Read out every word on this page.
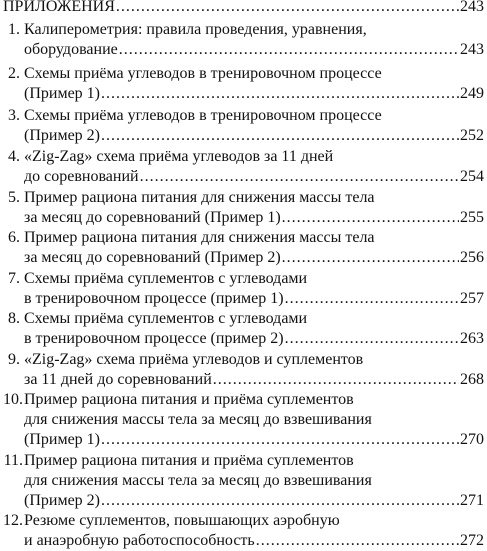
ПРИЛОЖЕНИЯ .....	243
1. Калиперометрия: правила проведения, уравнения,
оборудование .....	243
2. Схемы приёма углеводов в тренировочном процессе
(Пример 1) .....	249
3. Схемы приёма углеводов в тренировочном процессе
(Пример 2) .....	252
4. «Zig-Zag» схема приёма углеводов за 11 дней
до соревнований .....	254
5. Пример рациона питания для снижения массы тела
за месяц до соревнований (Пример 1) .....	255
6. Пример рациона питания для снижения массы тела
за месяц до соревнований (Пример 2) .....	256
7. Схемы приёма суплементов с углеводами
в тренировочном процессе (пример 1) .....	257
8. Схемы приёма суплементов с углеводами
в тренировочном процессе (пример 2) .....	263
9. «Zig-Zag» схема приёма углеводов и суплементов
за 11 дней до соревнований .....	268
10. Пример рациона питания и приёма суплементов
для снижения массы тела за месяц до взвешивания
(Пример 1) .....	270
11. Пример рациона питания и приёма суплементов
для снижения массы тела за месяц до взвешивания
(Пример 2) .....	271
12. Резюме суплементов, повышающих аэробную
и анаэробную работоспособность .....	272
